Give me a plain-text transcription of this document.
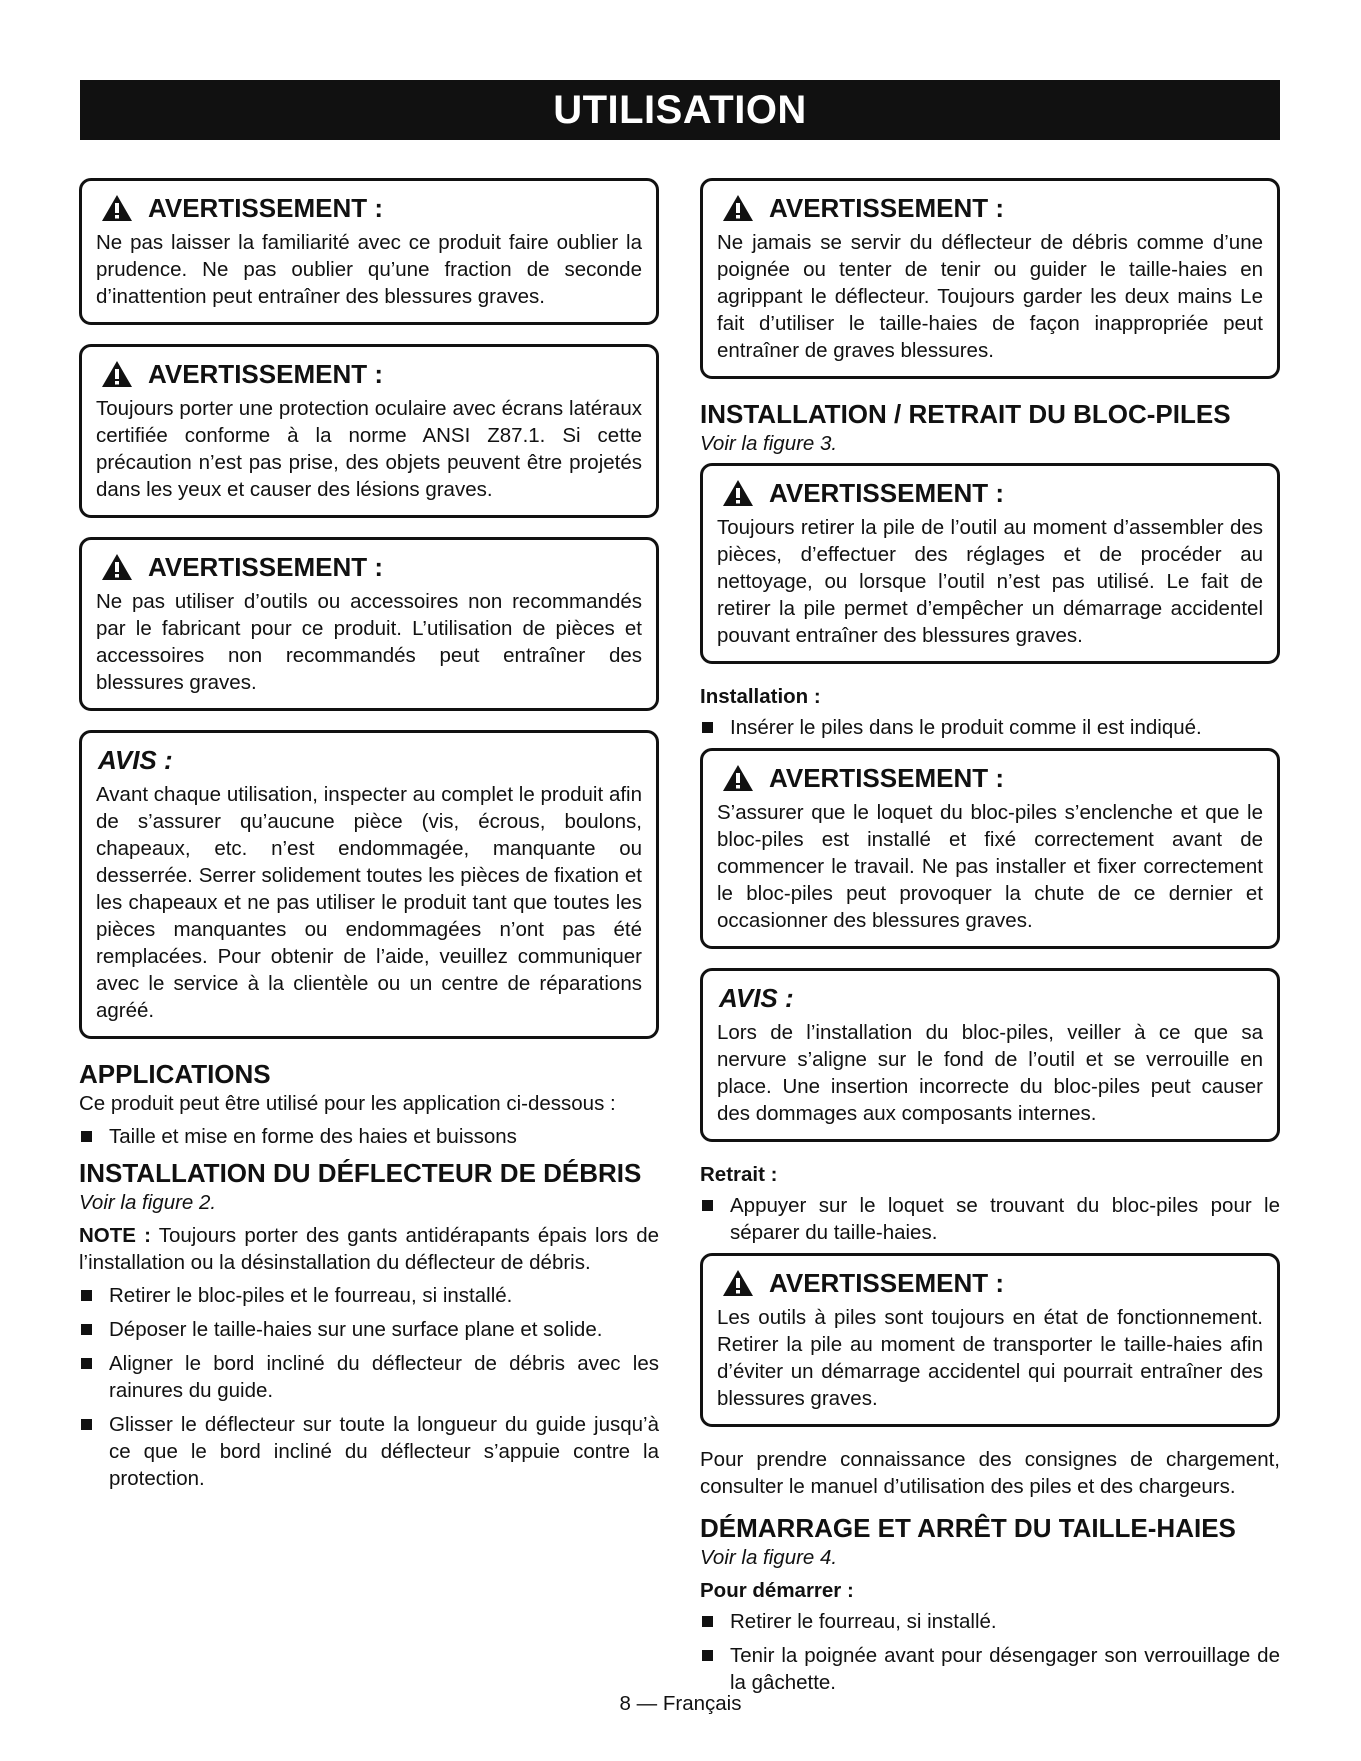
UTILISATION
AVERTISSEMENT :

Ne pas laisser la familiarité avec ce produit faire oublier la prudence. Ne pas oublier qu’une fraction de seconde d’inattention peut entraîner des blessures graves.

AVERTISSEMENT :

Toujours porter une protection oculaire avec écrans latéraux certifiée conforme à la norme ANSI Z87.1. Si cette précaution n’est pas prise, des objets peuvent être projetés dans les yeux et causer des lésions graves.

AVERTISSEMENT :

Ne pas utiliser d’outils ou accessoires non recommandés par le fabricant pour ce produit. L’utilisation de pièces et accessoires non recommandés peut entraîner des blessures graves.

AVIS :

Avant chaque utilisation, inspecter au complet le produit afin de s’assurer qu’aucune pièce (vis, écrous, boulons, chapeaux, etc. n’est endommagée, manquante ou desserrée. Serrer solidement toutes les pièces de fixation et les chapeaux et ne pas utiliser le produit tant que toutes les pièces manquantes ou endommagées n’ont pas été remplacées. Pour obtenir de l’aide, veuillez communiquer avec le service à la clientèle ou un centre de réparations agréé.

APPLICATIONS
Ce produit peut être utilisé pour les application ci-dessous :
Taille et mise en forme des haies et buissons
INSTALLATION DU DÉFLECTEUR DE DÉBRIS
Voir la figure 2.
NOTE : Toujours porter des gants antidérapants épais lors de l’installation ou la désinstallation du déflecteur de débris.
Retirer le bloc-piles et le fourreau, si installé.
Déposer le taille-haies sur une surface plane et solide.
Aligner le bord incliné du déflecteur de débris avec les rainures du guide.
Glisser le déflecteur sur toute la longueur du guide jusqu’à ce que le bord incliné du déflecteur s’appuie contre la protection.
AVERTISSEMENT :

Ne jamais se servir du déflecteur de débris comme d’une poignée ou tenter de tenir ou guider le taille-haies en agrippant le déflecteur. Toujours garder les deux mains Le fait d’utiliser le taille-haies de façon inappropriée peut entraîner de graves blessures.

INSTALLATION / RETRAIT DU BLOC-PILES
Voir la figure 3.
AVERTISSEMENT :

Toujours retirer la pile de l’outil au moment d’assembler des pièces, d’effectuer des réglages et de procéder au nettoyage, ou lorsque l’outil n’est pas utilisé. Le fait de retirer la pile permet d’empêcher un démarrage accidentel pouvant entraîner des blessures graves.

Installation :
Insérer le piles dans le produit comme il est indiqué.
AVERTISSEMENT :

S’assurer que le loquet du bloc-piles s’enclenche et que le bloc-piles est installé et fixé correctement avant de commencer le travail. Ne pas installer et fixer correctement le bloc-piles peut provoquer la chute de ce dernier et occasionner des blessures graves.

AVIS :

Lors de l’installation du bloc-piles, veiller à ce que sa nervure s’aligne sur le fond de l’outil et se verrouille en place. Une insertion incorrecte du bloc-piles peut causer des dommages aux composants internes.

Retrait :
Appuyer sur le loquet se trouvant du bloc-piles pour le séparer du taille-haies.
AVERTISSEMENT :

Les outils à piles sont toujours en état de fonctionnement. Retirer la pile au moment de transporter le taille-haies afin d’éviter un démarrage accidentel qui pourrait entraîner des blessures graves.

Pour prendre connaissance des consignes de chargement, consulter le manuel d’utilisation des piles et des chargeurs.
DÉMARRAGE ET ARRÊT DU TAILLE-HAIES
Voir la figure 4.
Pour démarrer :
Retirer le fourreau, si installé.
Tenir la poignée avant pour désengager son verrouillage de la gâchette.
8 — Français
